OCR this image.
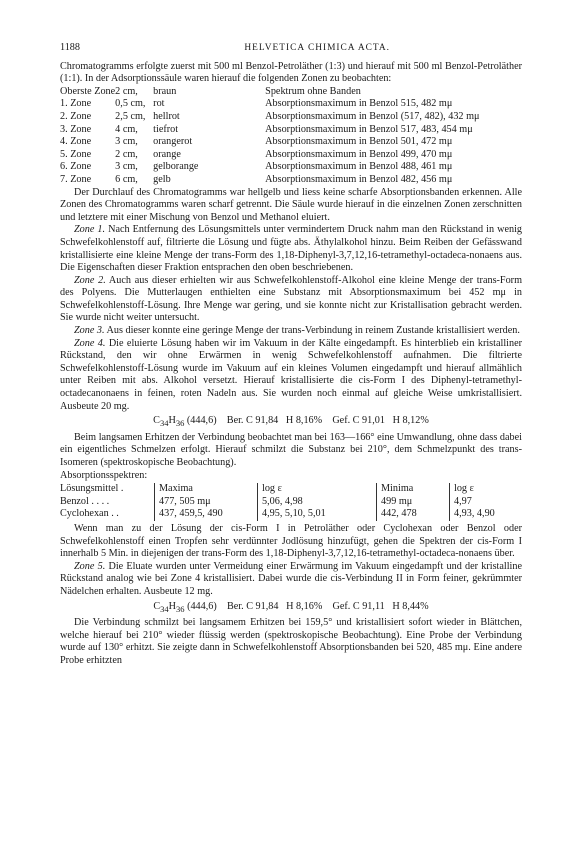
1188	HELVETICA CHIMICA ACTA.

Chromatogramms erfolgte zuerst mit 500 ml Benzol-Petroläther (1:3) und hierauf mit 500 ml Benzol-Petroläther (1:1). In der Adsorptionssäule waren hierauf die folgenden Zonen zu beobachten:

Oberste Zone	2 cm,	braun	Spektrum ohne Banden
1. Zone	0,5 cm,	rot	Absorptionsmaximum in Benzol 515, 482 mμ
2. Zone	2,5 cm,	hellrot	Absorptionsmaximum in Benzol (517, 482), 432 mμ
3. Zone	4 cm,	tiefrot	Absorptionsmaximum in Benzol 517, 483, 454 mμ
4. Zone	3 cm,	orangerot	Absorptionsmaximum in Benzol 501, 472 mμ
5. Zone	2 cm,	orange	Absorptionsmaximum in Benzol 499, 470 mμ
6. Zone	3 cm,	gelborange	Absorptionsmaximum in Benzol 488, 461 mμ
7. Zone	6 cm,	gelb	Absorptionsmaximum in Benzol 482, 456 mμ

Der Durchlauf des Chromatogramms war hellgelb und liess keine scharfe Absorptionsbanden erkennen. Alle Zonen des Chromatogramms waren scharf getrennt. Die Säule wurde hierauf in die einzelnen Zonen zerschnitten und letztere mit einer Mischung von Benzol und Methanol eluiert.

Zone 1. Nach Entfernung des Lösungsmittels unter vermindertem Druck nahm man den Rückstand in wenig Schwefelkohlenstoff auf, filtrierte die Lösung und fügte abs. Äthylalkohol hinzu. Beim Reiben der Gefässwand kristallisierte eine kleine Menge der trans-Form des 1,18-Diphenyl-3,7,12,16-tetramethyl-octadeca-nonaens aus. Die Eigenschaften dieser Fraktion entsprachen den oben beschriebenen.

Zone 2. Auch aus dieser erhielten wir aus Schwefelkohlenstoff-Alkohol eine kleine Menge der trans-Form des Polyens. Die Mutterlaugen enthielten eine Substanz mit Absorptionsmaximum bei 452 mμ in Schwefelkohlenstoff-Lösung. Ihre Menge war gering, und sie konnte nicht zur Kristallisation gebracht werden. Sie wurde nicht weiter untersucht.

Zone 3. Aus dieser konnte eine geringe Menge der trans-Verbindung in reinem Zustande kristallisiert werden.

Zone 4. Die eluierte Lösung haben wir im Vakuum in der Kälte eingedampft. Es hinterblieb ein kristalliner Rückstand, den wir ohne Erwärmen in wenig Schwefelkohlenstoff aufnahmen. Die filtrierte Schwefelkohlenstoff-Lösung wurde im Vakuum auf ein kleines Volumen eingedampft und hierauf allmählich unter Reiben mit abs. Alkohol versetzt. Hierauf kristallisierte die cis-Form I des Diphenyl-tetramethyl-octadecanonaens in feinen, roten Nadeln aus. Sie wurden noch einmal auf gleiche Weise umkristallisiert. Ausbeute 20 mg.

$C_{34}H_{36}$ (444,6)    Ber. C 91,84   H 8,16%    Gef. C 91,01   H 8,12%

Beim langsamen Erhitzen der Verbindung beobachtet man bei 163—166° eine Umwandlung, ohne dass dabei ein eigentliches Schmelzen erfolgt. Hierauf schmilzt die Substanz bei 210°, dem Schmelzpunkt des trans-Isomeren (spektroskopische Beobachtung).

Absorptionsspektren:
Lösungsmittel .	Maxima	log ε	Minima	log ε
Benzol . . . .	477, 505 mμ	5,06, 4,98	499 mμ	4,97
Cyclohexan . .	437, 459,5, 490	4,95, 5,10, 5,01	442, 478	4,93, 4,90

Wenn man zu der Lösung der cis-Form I in Petroläther oder Cyclohexan oder Benzol oder Schwefelkohlenstoff einen Tropfen sehr verdünnter Jodlösung hinzufügt, gehen die Spektren der cis-Form I innerhalb 5 Min. in diejenigen der trans-Form des 1,18-Diphenyl-3,7,12,16-tetramethyl-octadeca-nonaens über.

Zone 5. Die Eluate wurden unter Vermeidung einer Erwärmung im Vakuum eingedampft und der kristalline Rückstand analog wie bei Zone 4 kristallisiert. Dabei wurde die cis-Verbindung II in Form feiner, gekrümmter Nädelchen erhalten. Ausbeute 12 mg.

$C_{34}H_{36}$ (444,6)    Ber. C 91,84   H 8,16%    Gef. C 91,11   H 8,44%

Die Verbindung schmilzt bei langsamem Erhitzen bei 159,5° und kristallisiert sofort wieder in Blättchen, welche hierauf bei 210° wieder flüssig werden (spektroskopische Beobachtung). Eine Probe der Verbindung wurde auf 130° erhitzt. Sie zeigte dann in Schwefelkohlenstoff Absorptionsbanden bei 520, 485 mμ. Eine andere Probe erhitzten
